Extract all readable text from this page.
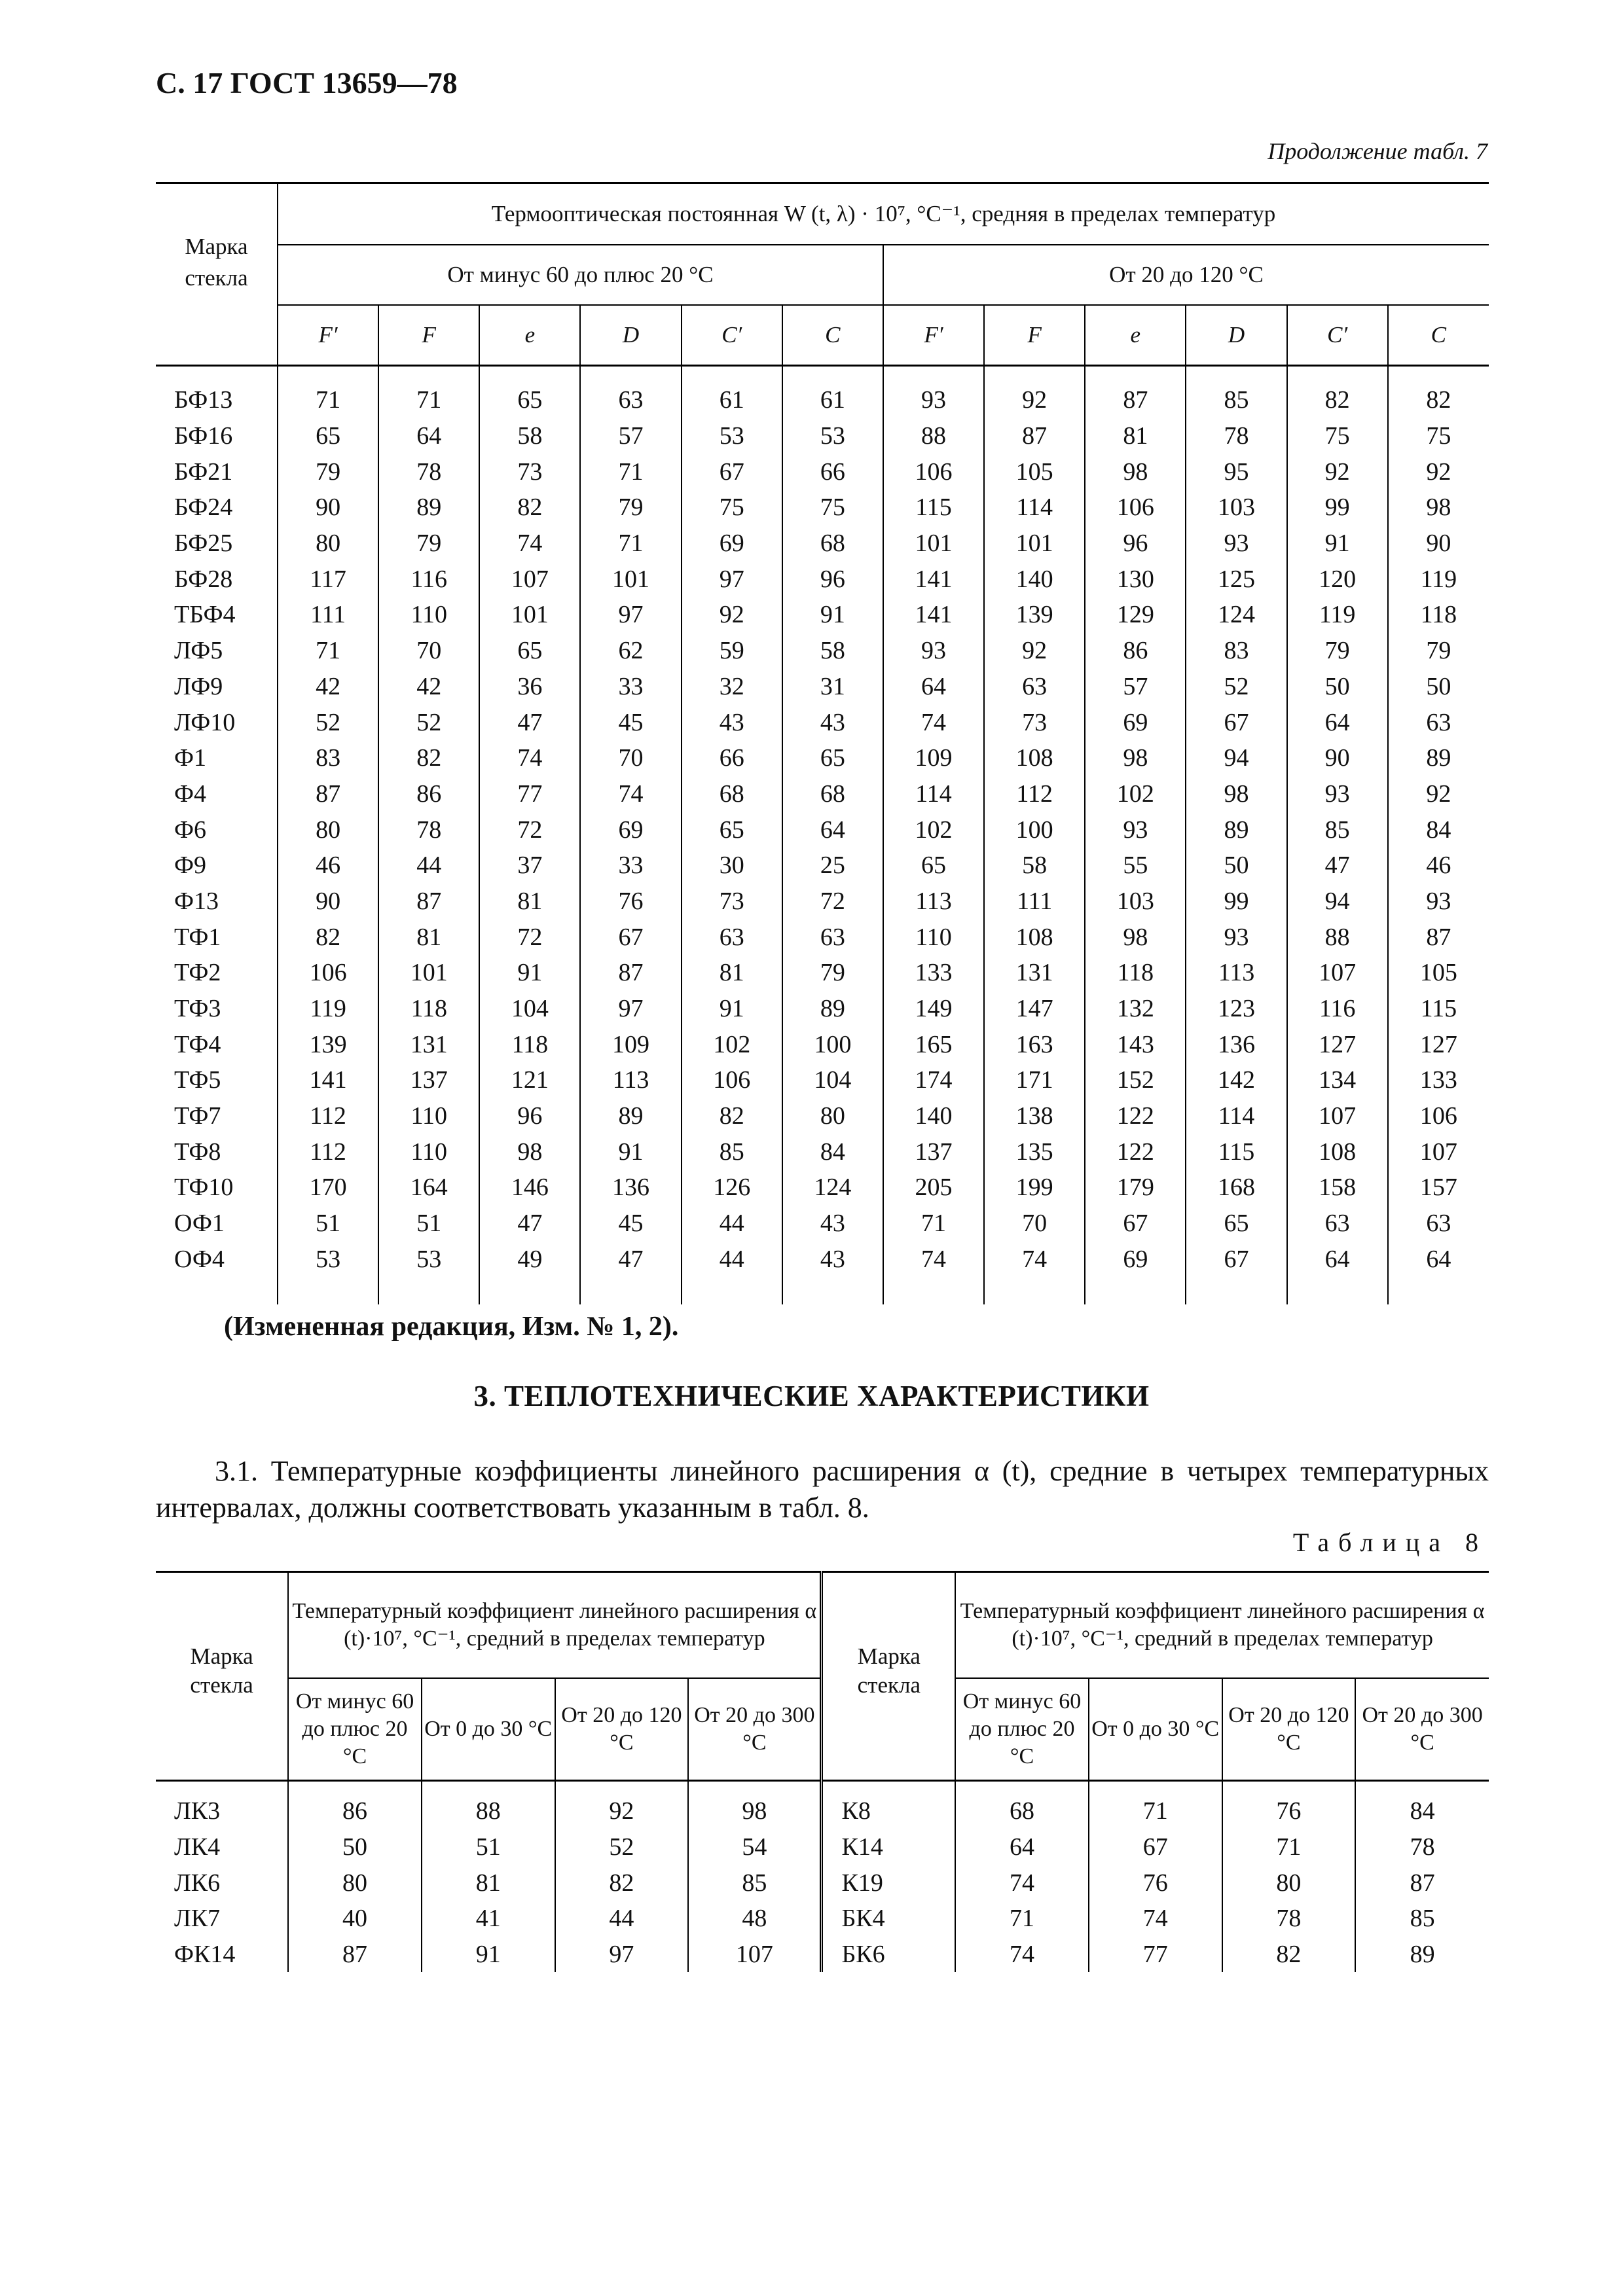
С. 17 ГОСТ 13659—78
Продолжение табл. 7
Марка стекла	Термооптическая постоянная W (t, λ) · 10⁷, °С⁻¹, средняя в пределах температур											
	От минус 60 до плюс 20 °С						От 20 до 120 °С					
	F′	F	e	D	C′	C	F′	F	e	D	C′	C
БФ13	71	71	65	63	61	61	93	92	87	85	82	82
БФ16	65	64	58	57	53	53	88	87	81	78	75	75
БФ21	79	78	73	71	67	66	106	105	98	95	92	92
БФ24	90	89	82	79	75	75	115	114	106	103	99	98
БФ25	80	79	74	71	69	68	101	101	96	93	91	90
БФ28	117	116	107	101	97	96	141	140	130	125	120	119
ТБФ4	111	110	101	97	92	91	141	139	129	124	119	118
ЛФ5	71	70	65	62	59	58	93	92	86	83	79	79
ЛФ9	42	42	36	33	32	31	64	63	57	52	50	50
ЛФ10	52	52	47	45	43	43	74	73	69	67	64	63
Ф1	83	82	74	70	66	65	109	108	98	94	90	89
Ф4	87	86	77	74	68	68	114	112	102	98	93	92
Ф6	80	78	72	69	65	64	102	100	93	89	85	84
Ф9	46	44	37	33	30	25	65	58	55	50	47	46
Ф13	90	87	81	76	73	72	113	111	103	99	94	93
ТФ1	82	81	72	67	63	63	110	108	98	93	88	87
ТФ2	106	101	91	87	81	79	133	131	118	113	107	105
ТФ3	119	118	104	97	91	89	149	147	132	123	116	115
ТФ4	139	131	118	109	102	100	165	163	143	136	127	127
ТФ5	141	137	121	113	106	104	174	171	152	142	134	133
ТФ7	112	110	96	89	82	80	140	138	122	114	107	106
ТФ8	112	110	98	91	85	84	137	135	122	115	108	107
ТФ10	170	164	146	136	126	124	205	199	179	168	158	157
ОФ1	51	51	47	45	44	43	71	70	67	65	63	63
ОФ4	53	53	49	47	44	43	74	74	69	67	64	64
(Измененная редакция, Изм. № 1, 2).
3. ТЕПЛОТЕХНИЧЕСКИЕ ХАРАКТЕРИСТИКИ
3.1. Температурные коэффициенты линейного расширения α (t), средние в четырех температурных интервалах, должны соответствовать указанным в табл. 8.
Таблица 8
Марка стекла	Температурный коэффициент линейного расширения α (t)·10⁷, °С⁻¹, средний в пределах температур				Марка стекла	Температурный коэффициент линейного расширения α (t)·10⁷, °С⁻¹, средний в пределах температур			
	От минус 60 до плюс 20 °С	От 0 до 30 °С	От 20 до 120 °С	От 20 до 300 °С		От минус 60 до плюс 20 °С	От 0 до 30 °С	От 20 до 120 °С	От 20 до 300 °С
ЛК3	86	88	92	98	К8	68	71	76	84
ЛК4	50	51	52	54	К14	64	67	71	78
ЛК6	80	81	82	85	К19	74	76	80	87
ЛК7	40	41	44	48	БК4	71	74	78	85
ФК14	87	91	97	107	БК6	74	77	82	89
